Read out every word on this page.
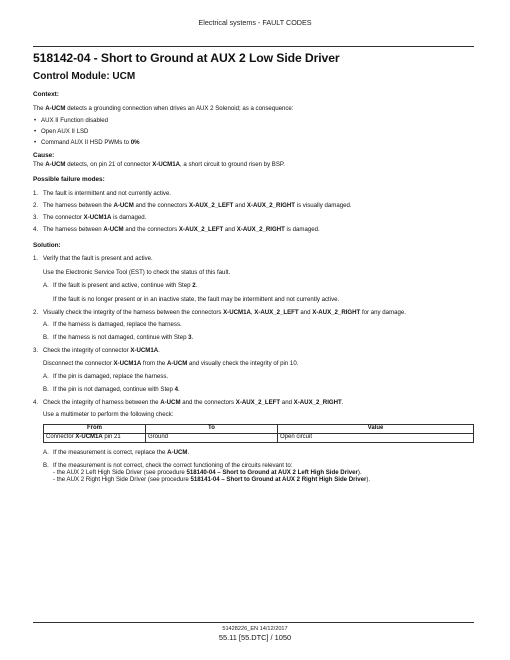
Electrical systems - FAULT CODES
518142-04 - Short to Ground at AUX 2 Low Side Driver
Control Module: UCM
Context:

The A-UCM detects a grounding connection when drives an AUX 2 Solenoid; as a consequence:

• AUX II Function disabled
• Open AUX II LSD
• Command AUX II HSD PWMs to 0%
Cause:

The A-UCM detects, on pin 21 of connector X-UCM1A, a short circuit to ground risen by BSP.

Possible failure modes:
1. The fault is intermittent and not currently active.
2. The harness between the A-UCM and the connectors X-AUX_2_LEFT and X-AUX_2_RIGHT is visually damaged.
3. The connector X-UCM1A is damaged.
4. The harness between A-UCM and the connectors X-AUX_2_LEFT and X-AUX_2_RIGHT is damaged.
Solution:
1. Verify that the fault is present and active.

Use the Electronic Service Tool (EST) to check the status of this fault.

A. If the fault is present and active, continue with Step 2.
If the fault is no longer present or in an inactive state, the fault may be intermittent and not currently active.
2. Visually check the integrity of the harness between the connectors X-UCM1A, X-AUX_2_LEFT and X-AUX_2_RIGHT for any damage.
A. If the harness is damaged, replace the harness.
B. If the harness is not damaged, continue with Step 3.
3. Check the integrity of connector X-UCM1A.

Disconnect the connector X-UCM1A from the A-UCM and visually check the integrity of pin 10.

A. If the pin is damaged, replace the harness.
B. If the pin is not damaged, continue with Step 4.
4. Check the integrity of harness between the A-UCM and the connectors X-AUX_2_LEFT and X-AUX_2_RIGHT.

Use a multimeter to perform the following check:

From	To	Value
Connector X-UCM1A pin 21	Ground	Open circuit
A. If the measurement is correct, replace the A-UCM.
B. If the measurement is not correct, check the correct functioning of the circuits relevant to:
- the AUX 2 Left High Side Driver (see procedure 518140-04 – Short to Ground at AUX 2 Left High Side Driver).
- the AUX 2 Right High Side Driver (see procedure 518141-04 – Short to Ground at AUX 2 Right High Side Driver).
51428226_EN 14/12/2017
55.11 [55.DTC] / 1050
